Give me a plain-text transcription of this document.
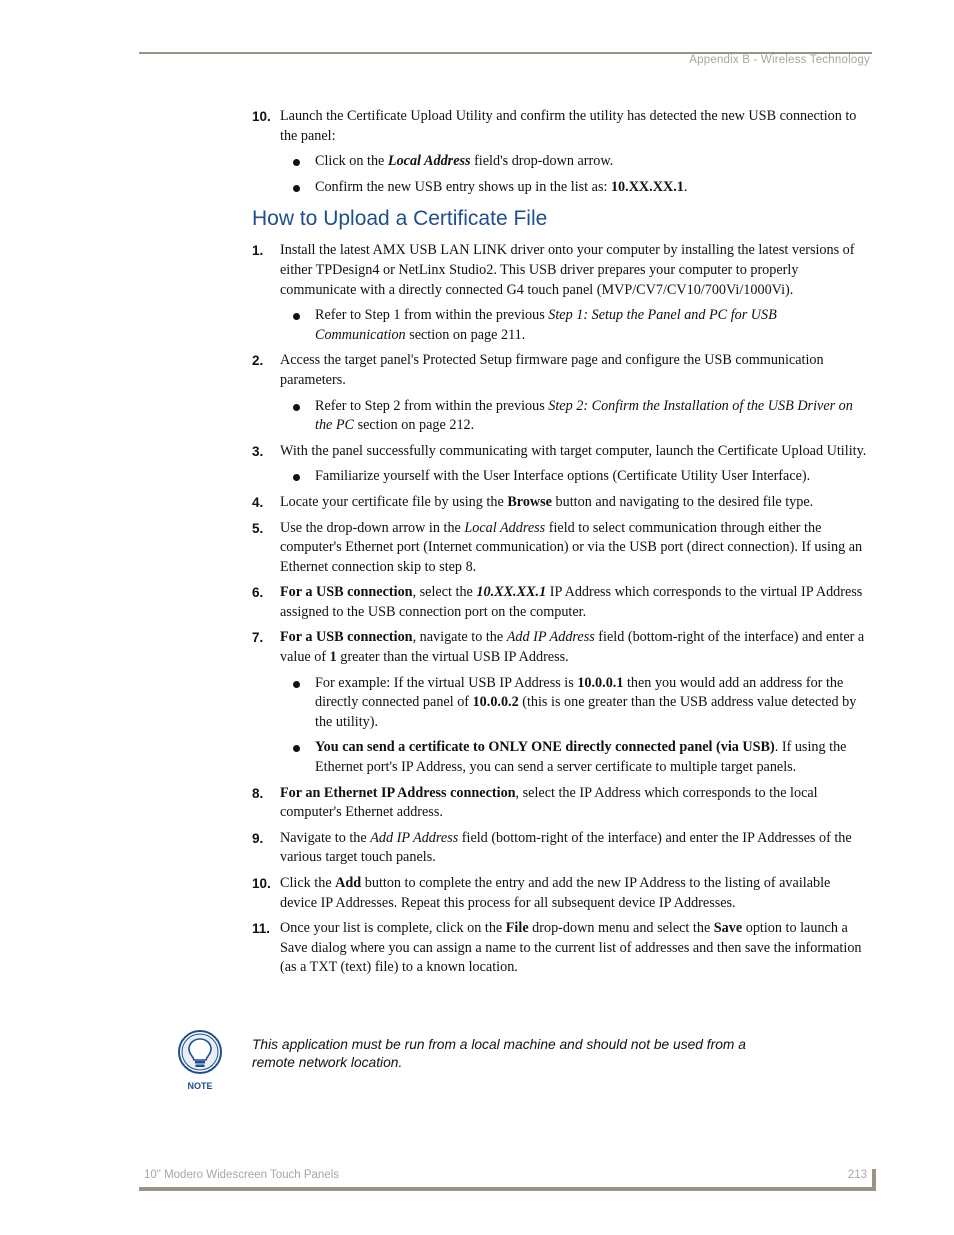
Appendix B - Wireless Technology
10. Launch the Certificate Upload Utility and confirm the utility has detected the new USB connection to the panel:
Click on the Local Address field's drop-down arrow.
Confirm the new USB entry shows up in the list as: 10.XX.XX.1.
How to Upload a Certificate File
1. Install the latest AMX USB LAN LINK driver onto your computer by installing the latest versions of either TPDesign4 or NetLinx Studio2. This USB driver prepares your computer to properly communicate with a directly connected G4 touch panel (MVP/CV7/CV10/700Vi/1000Vi).
Refer to Step 1 from within the previous Step 1: Setup the Panel and PC for USB Communication section on page 211.
2. Access the target panel's Protected Setup firmware page and configure the USB communication parameters.
Refer to Step 2 from within the previous Step 2: Confirm the Installation of the USB Driver on the PC section on page 212.
3. With the panel successfully communicating with target computer, launch the Certificate Upload Utility.
Familiarize yourself with the User Interface options (Certificate Utility User Interface).
4. Locate your certificate file by using the Browse button and navigating to the desired file type.
5. Use the drop-down arrow in the Local Address field to select communication through either the computer's Ethernet port (Internet communication) or via the USB port (direct connection). If using an Ethernet connection skip to step 8.
6. For a USB connection, select the 10.XX.XX.1 IP Address which corresponds to the virtual IP Address assigned to the USB connection port on the computer.
7. For a USB connection, navigate to the Add IP Address field (bottom-right of the interface) and enter a value of 1 greater than the virtual USB IP Address.
For example: If the virtual USB IP Address is 10.0.0.1 then you would add an address for the directly connected panel of 10.0.0.2 (this is one greater than the USB address value detected by the utility).
You can send a certificate to ONLY ONE directly connected panel (via USB). If using the Ethernet port's IP Address, you can send a server certificate to multiple target panels.
8. For an Ethernet IP Address connection, select the IP Address which corresponds to the local computer's Ethernet address.
9. Navigate to the Add IP Address field (bottom-right of the interface) and enter the IP Addresses of the various target touch panels.
10. Click the Add button to complete the entry and add the new IP Address to the listing of available device IP Addresses. Repeat this process for all subsequent device IP Addresses.
11. Once your list is complete, click on the File drop-down menu and select the Save option to launch a Save dialog where you can assign a name to the current list of addresses and then save the information (as a TXT (text) file) to a known location.
NOTE
This application must be run from a local machine and should not be used from a remote network location.
10" Modero Widescreen Touch Panels	213
